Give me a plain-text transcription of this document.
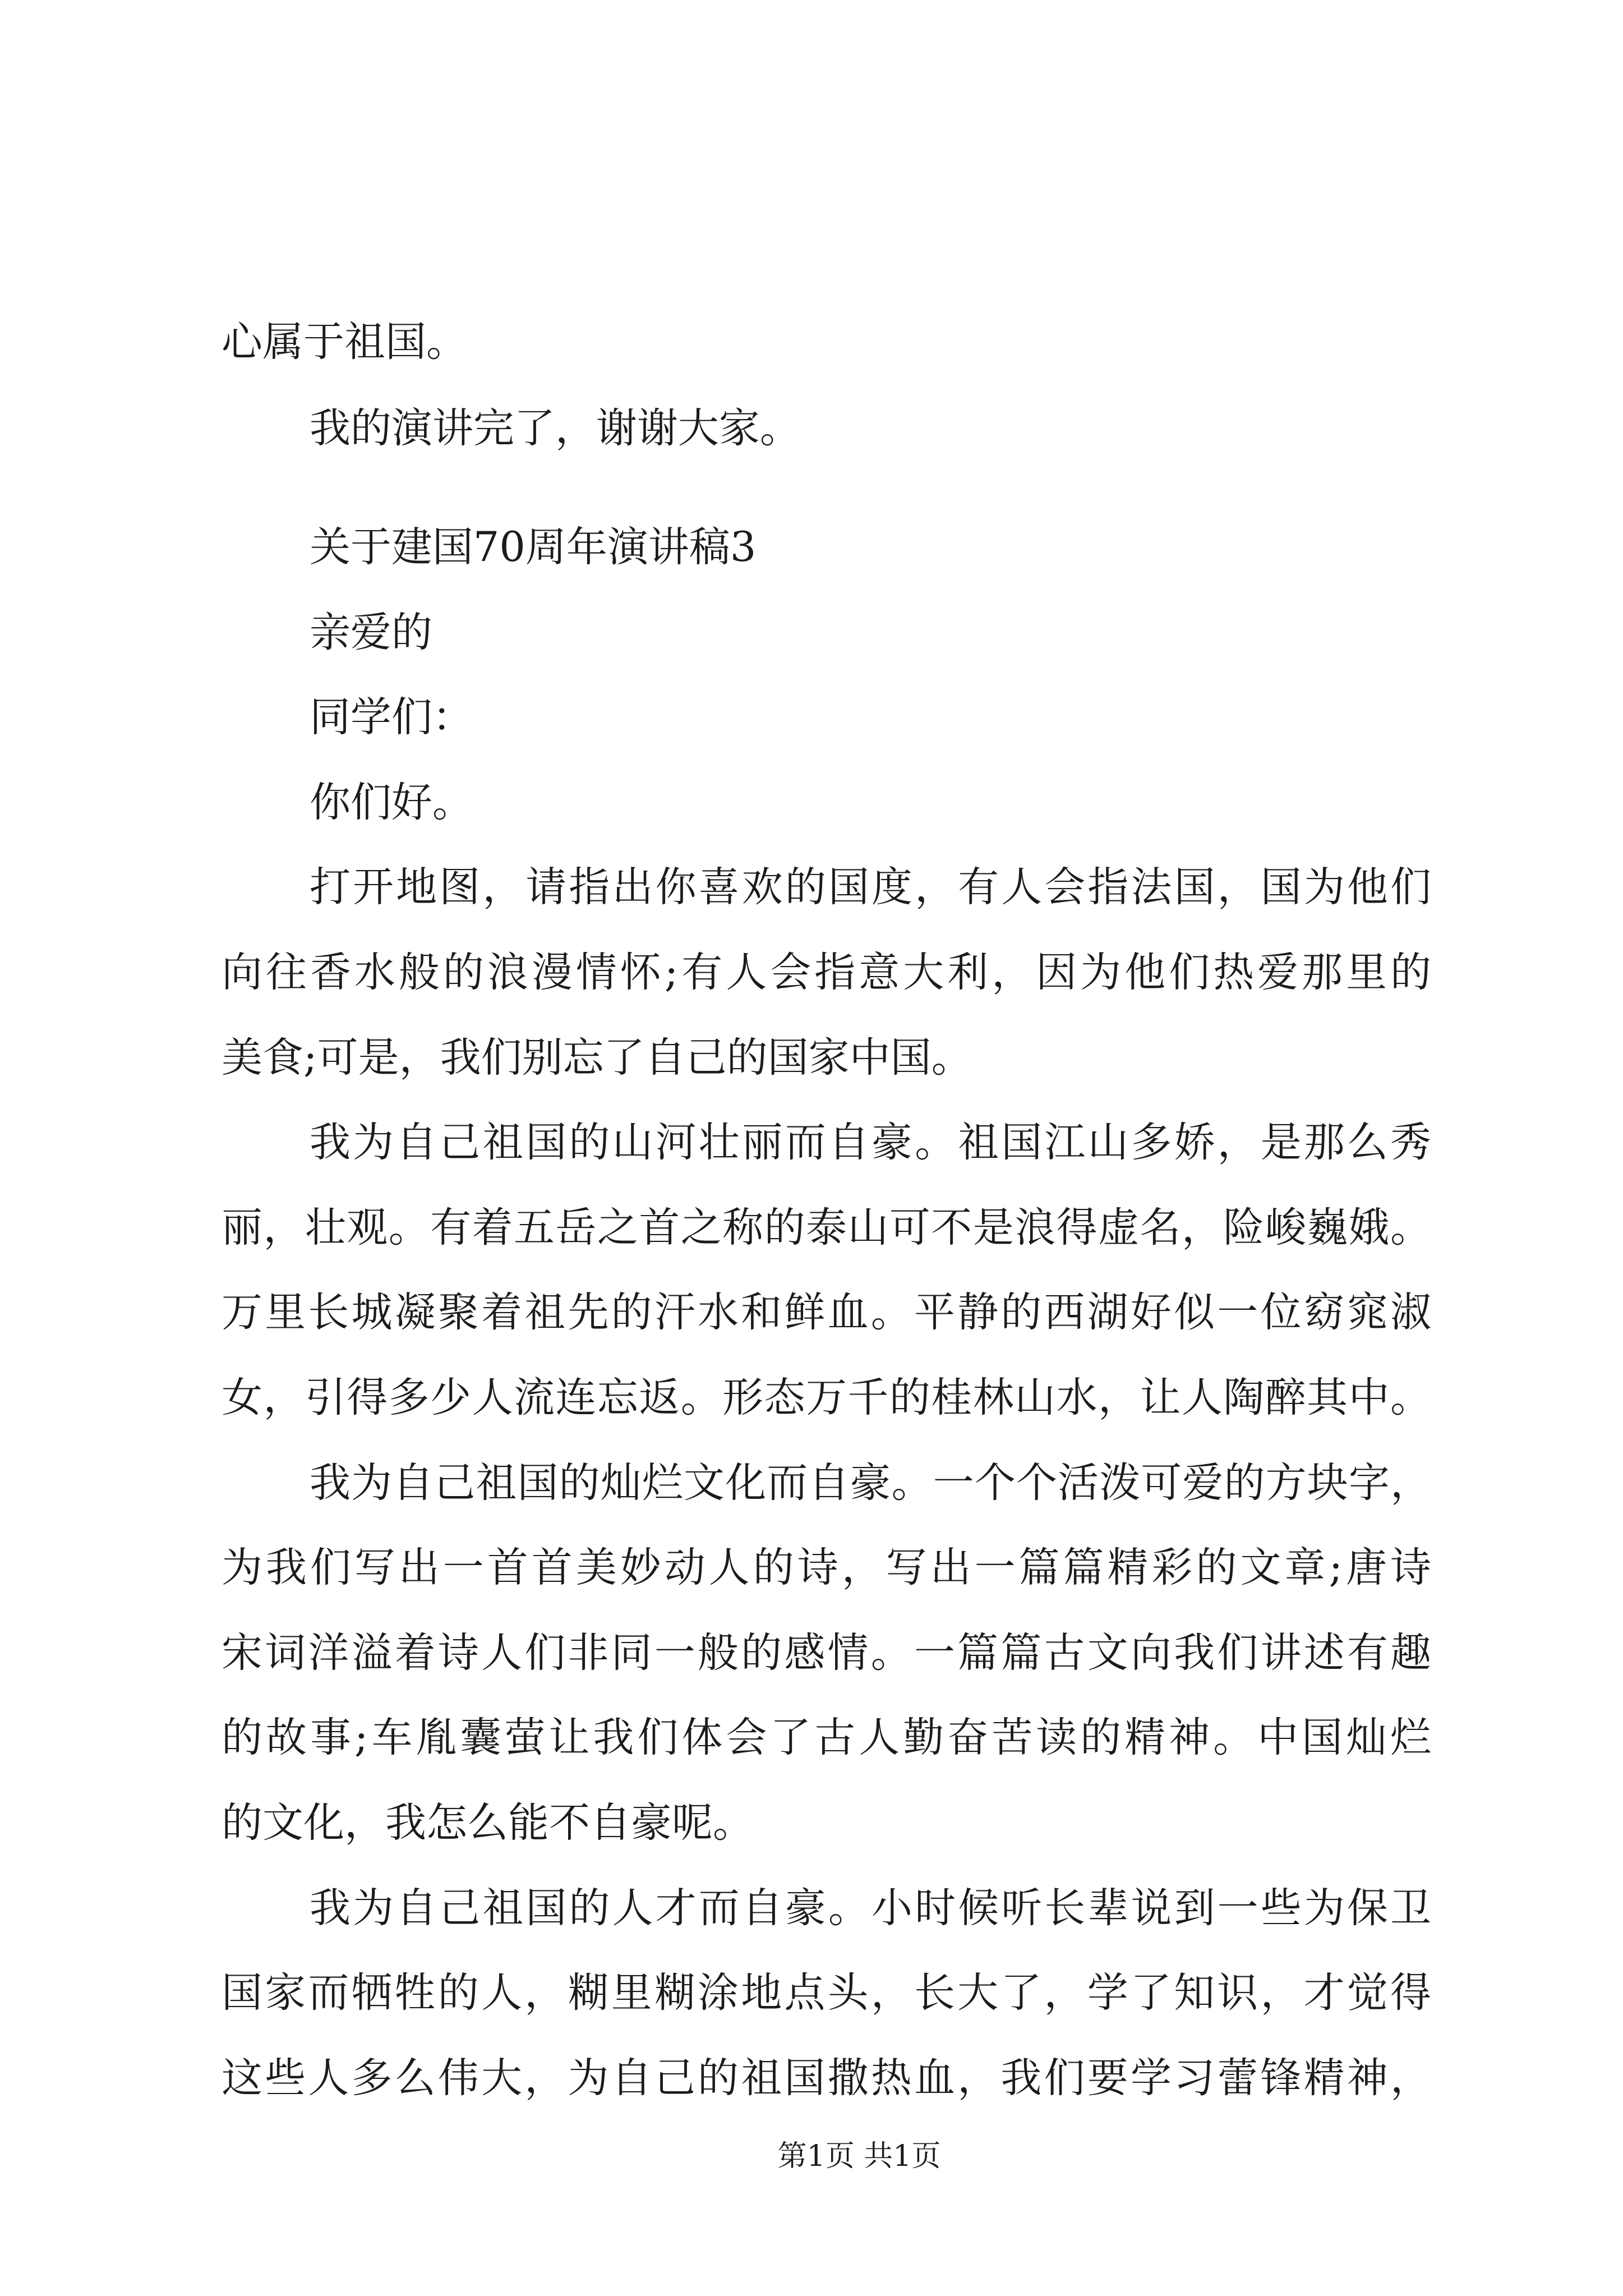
心属于祖国。
我的演讲完了，谢谢大家。
关于建国70周年演讲稿3
亲爱的
同学们：
你们好。
打开地图，请指出你喜欢的国度，有人会指法国，国为他们
向往香水般的浪漫情怀;有人会指意大利，因为他们热爱那里的
美食;可是，我们别忘了自己的国家中国。
我为自己祖国的山河壮丽而自豪。祖国江山多娇，是那么秀
丽，壮观。有着五岳之首之称的泰山可不是浪得虚名，险峻巍娥。
万里长城凝聚着祖先的汗水和鲜血。平静的西湖好似一位窈窕淑
女，引得多少人流连忘返。形态万千的桂林山水，让人陶醉其中。
我为自己祖国的灿烂文化而自豪。一个个活泼可爱的方块字，
为我们写出一首首美妙动人的诗，写出一篇篇精彩的文章;唐诗
宋词洋溢着诗人们非同一般的感情。一篇篇古文向我们讲述有趣
的故事;车胤囊萤让我们体会了古人勤奋苦读的精神。中国灿烂
的文化，我怎么能不自豪呢。
我为自己祖国的人才而自豪。小时候听长辈说到一些为保卫
国家而牺牲的人，糊里糊涂地点头，长大了，学了知识，才觉得
这些人多么伟大，为自己的祖国撒热血，我们要学习蕾锋精神，
第1页 共1页
